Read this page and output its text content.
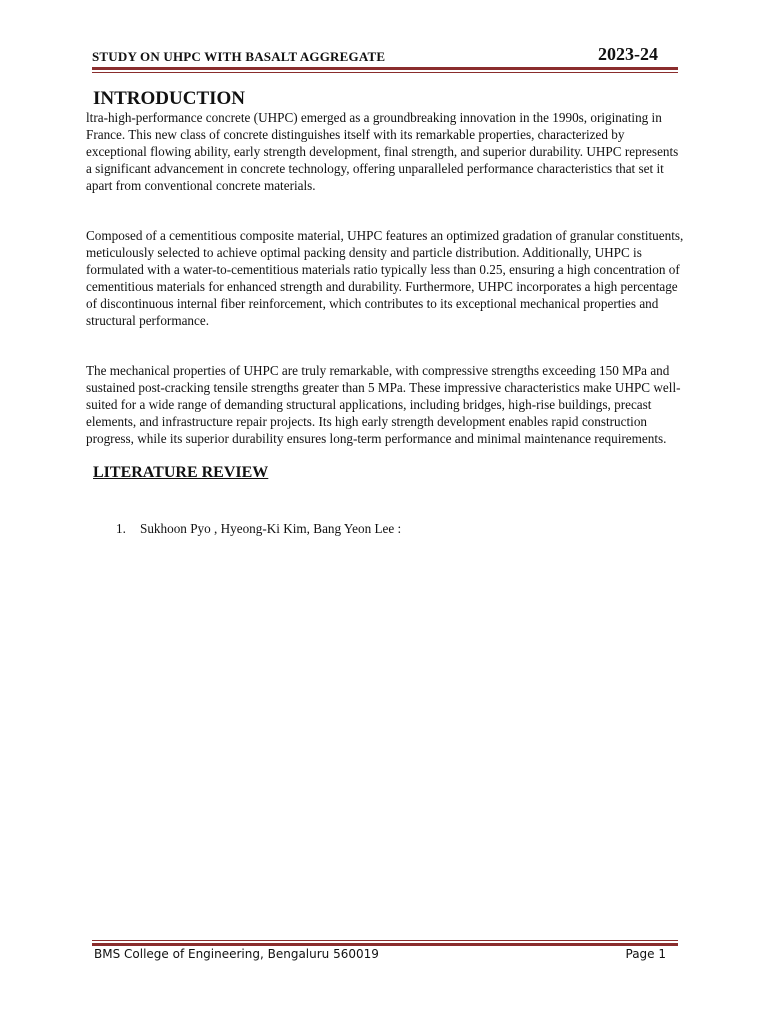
STUDY ON UHPC WITH BASALT AGGREGATE	2023-24
INTRODUCTION

ltra-high-performance concrete (UHPC) emerged as a groundbreaking innovation in the 1990s, originating in France. This new class of concrete distinguishes itself with its remarkable properties, characterized by exceptional flowing ability, early strength development, final strength, and superior durability. UHPC represents a significant advancement in concrete technology, offering unparalleled performance characteristics that set it apart from conventional concrete materials.

Composed of a cementitious composite material, UHPC features an optimized gradation of granular constituents, meticulously selected to achieve optimal packing density and particle distribution. Additionally, UHPC is formulated with a water-to-cementitious materials ratio typically less than 0.25, ensuring a high concentration of cementitious materials for enhanced strength and durability. Furthermore, UHPC incorporates a high percentage of discontinuous internal fiber reinforcement, which contributes to its exceptional mechanical properties and structural performance.

The mechanical properties of UHPC are truly remarkable, with compressive strengths exceeding 150 MPa and sustained post-cracking tensile strengths greater than 5 MPa. These impressive characteristics make UHPC well-suited for a wide range of demanding structural applications, including bridges, high-rise buildings, precast elements, and infrastructure repair projects. Its high early strength development enables rapid construction progress, while its superior durability ensures long-term performance and minimal maintenance requirements.

LITERATURE REVIEW
1. Sukhoon Pyo , Hyeong-Ki Kim, Bang Yeon Lee :
BMS College of Engineering, Bengaluru 560019	Page 1
